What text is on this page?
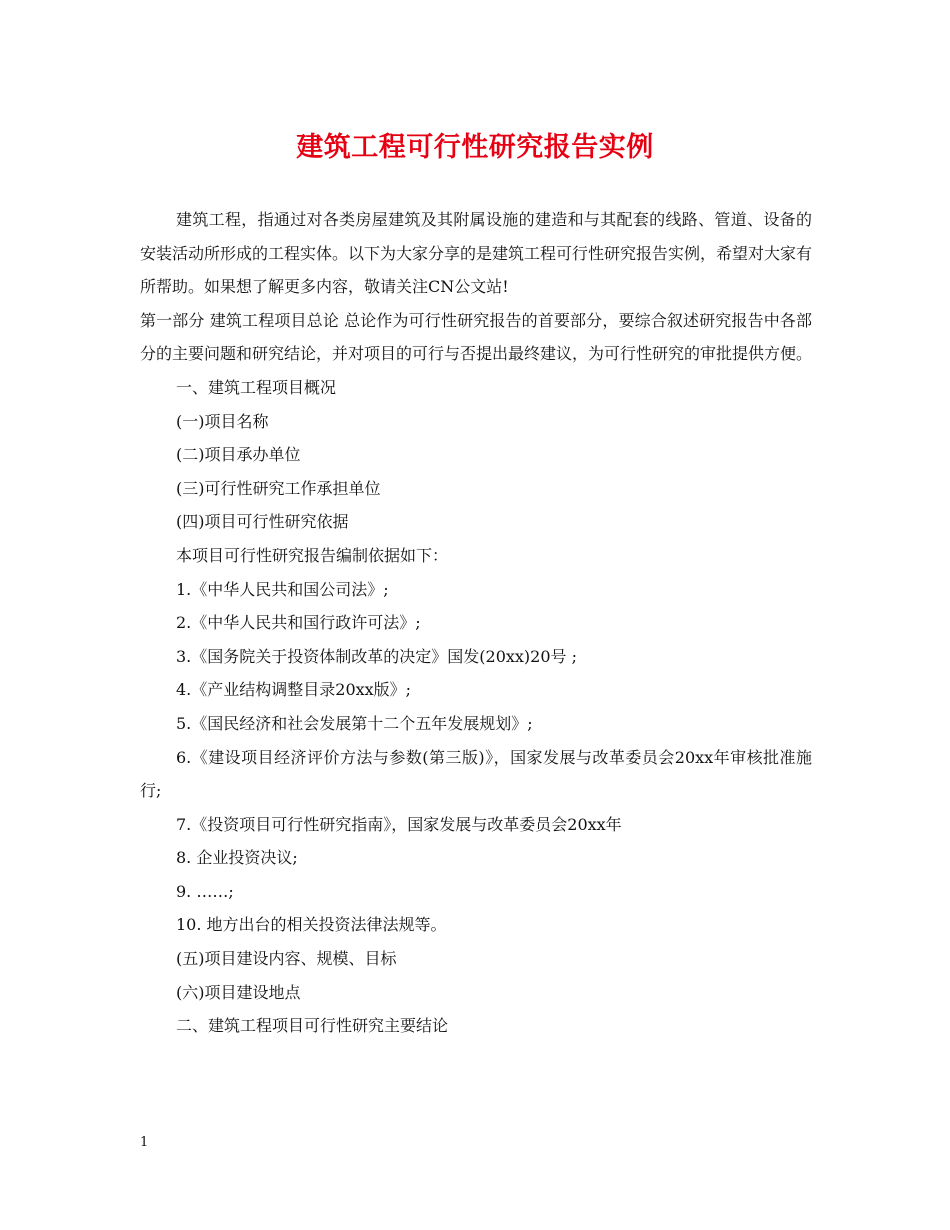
建筑工程可行性研究报告实例

建筑工程，指通过对各类房屋建筑及其附属设施的建造和与其配套的线路、管道、设备的安装活动所形成的工程实体。以下为大家分享的是建筑工程可行性研究报告实例，希望对大家有所帮助。如果想了解更多内容，敬请关注CN公文站!

第一部分 建筑工程项目总论 总论作为可行性研究报告的首要部分，要综合叙述研究报告中各部分的主要问题和研究结论，并对项目的可行与否提出最终建议，为可行性研究的审批提供方便。

一、建筑工程项目概况

(一)项目名称

(二)项目承办单位

(三)可行性研究工作承担单位

(四)项目可行性研究依据

本项目可行性研究报告编制依据如下：

1.《中华人民共和国公司法》;

2.《中华人民共和国行政许可法》;

3.《国务院关于投资体制改革的决定》国发(20xx)20号 ;

4.《产业结构调整目录20xx版》;

5.《国民经济和社会发展第十二个五年发展规划》;

6.《建设项目经济评价方法与参数(第三版)》，国家发展与改革委员会20xx年审核批准施行;

7.《投资项目可行性研究指南》，国家发展与改革委员会20xx年

8. 企业投资决议;

9. ……;

10. 地方出台的相关投资法律法规等。

(五)项目建设内容、规模、目标

(六)项目建设地点

二、建筑工程项目可行性研究主要结论

1
